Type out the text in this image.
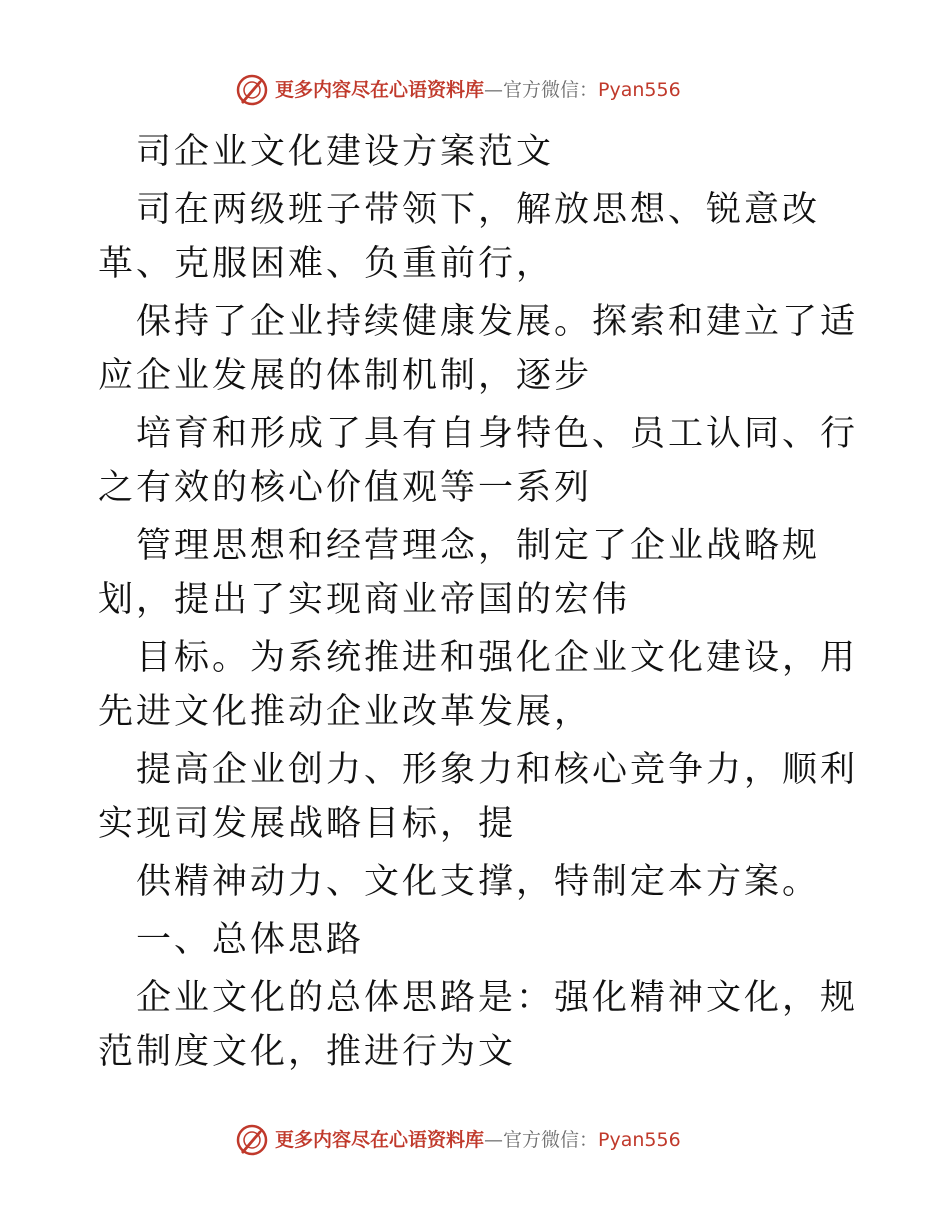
更多内容尽在心语资料库—官方微信：Pyan556

司企业文化建设方案范文

司在两级班子带领下，解放思想、锐意改革、克服困难、负重前行，

保持了企业持续健康发展。探索和建立了适应企业发展的体制机制，逐步

培育和形成了具有自身特色、员工认同、行之有效的核心价值观等一系列

管理思想和经营理念，制定了企业战略规划，提出了实现商业帝国的宏伟

目标。为系统推进和强化企业文化建设，用先进文化推动企业改革发展，

提高企业创力、形象力和核心竞争力，顺利实现司发展战略目标，提

供精神动力、文化支撑，特制定本方案。

一、总体思路

企业文化的总体思路是：强化精神文化，规范制度文化，推进行为文

更多内容尽在心语资料库—官方微信：Pyan556
